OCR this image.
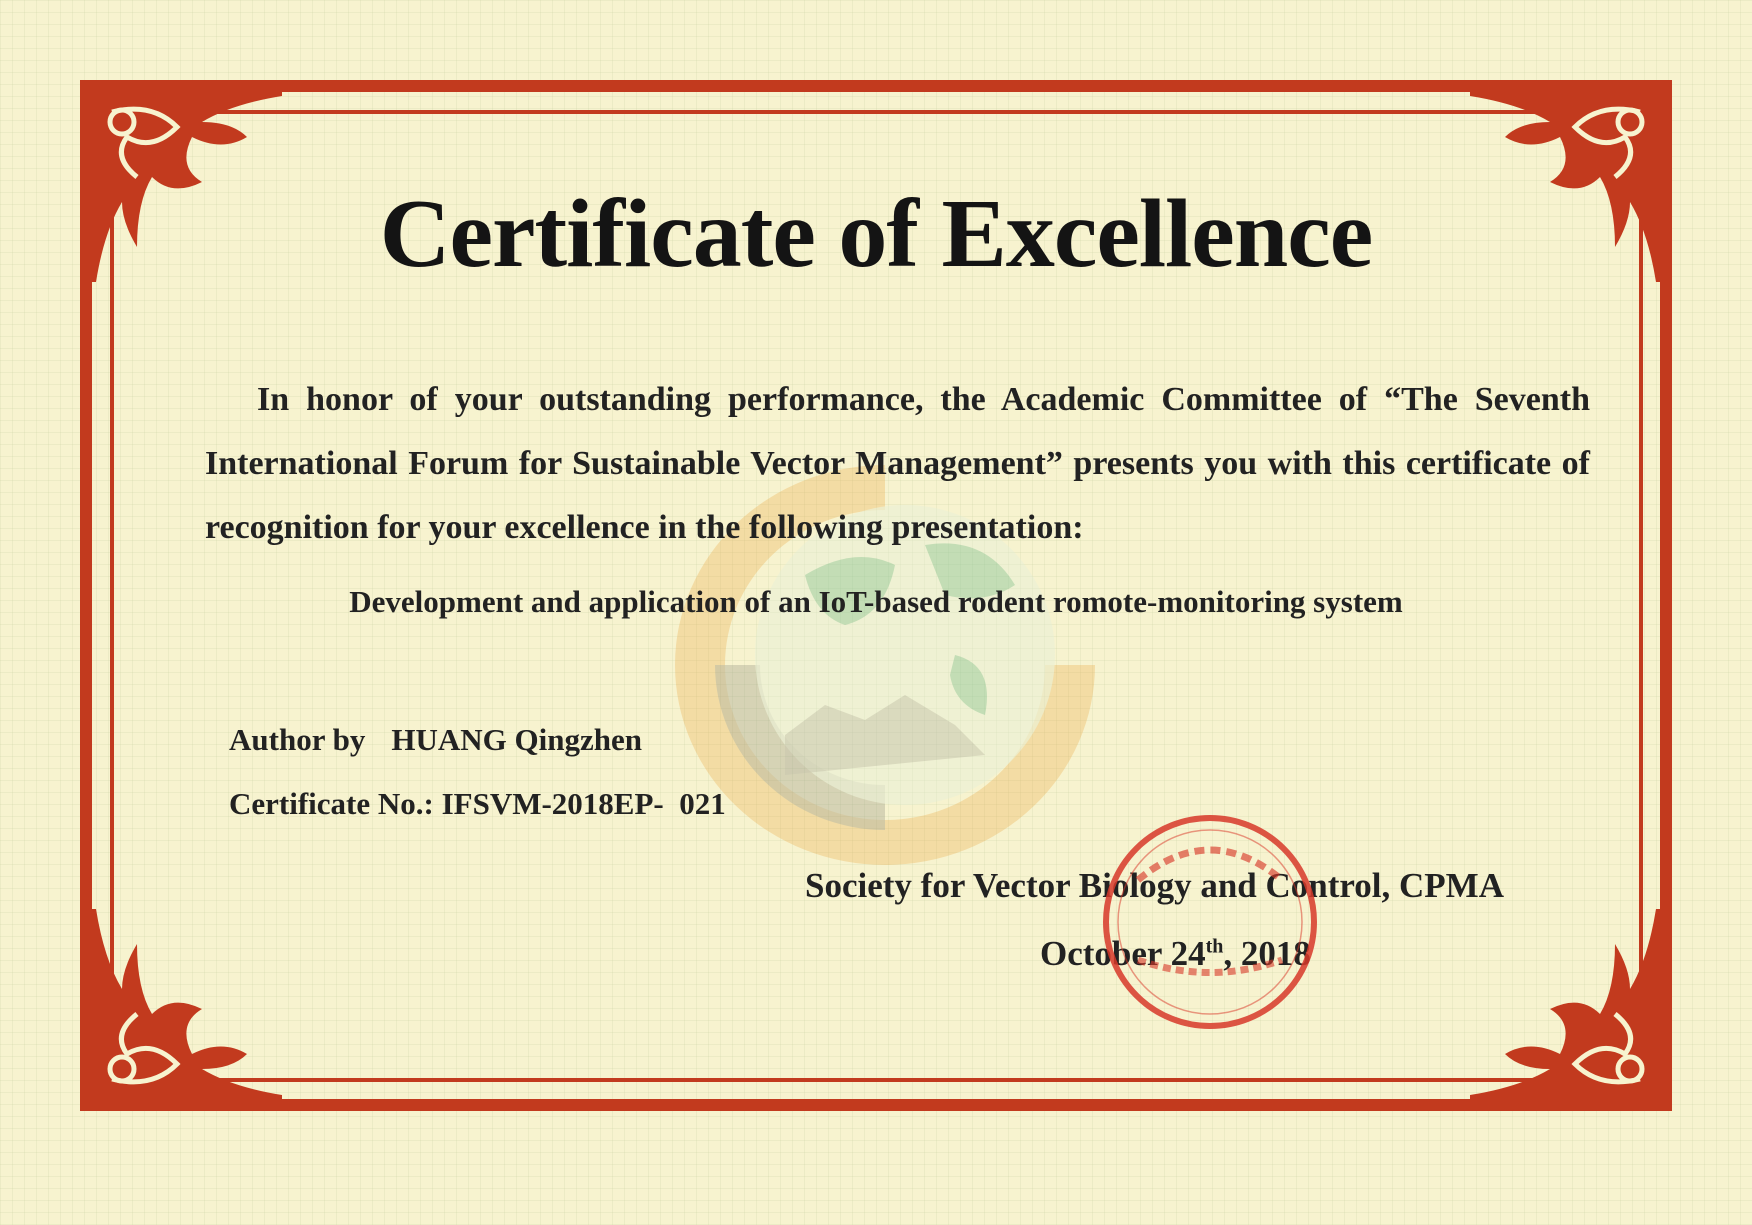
Certificate of Excellence

In honor of your outstanding performance, the Academic Committee of “The Seventh International Forum for Sustainable Vector Management” presents you with this certificate of recognition for your excellence in the following presentation:

Development and application of an IoT-based rodent romote-monitoring system

Author by HUANG Qingzhen

Certificate No.: IFSVM-2018EP-  021

Society for Vector Biology and Control, CPMA

October 24th, 2018
